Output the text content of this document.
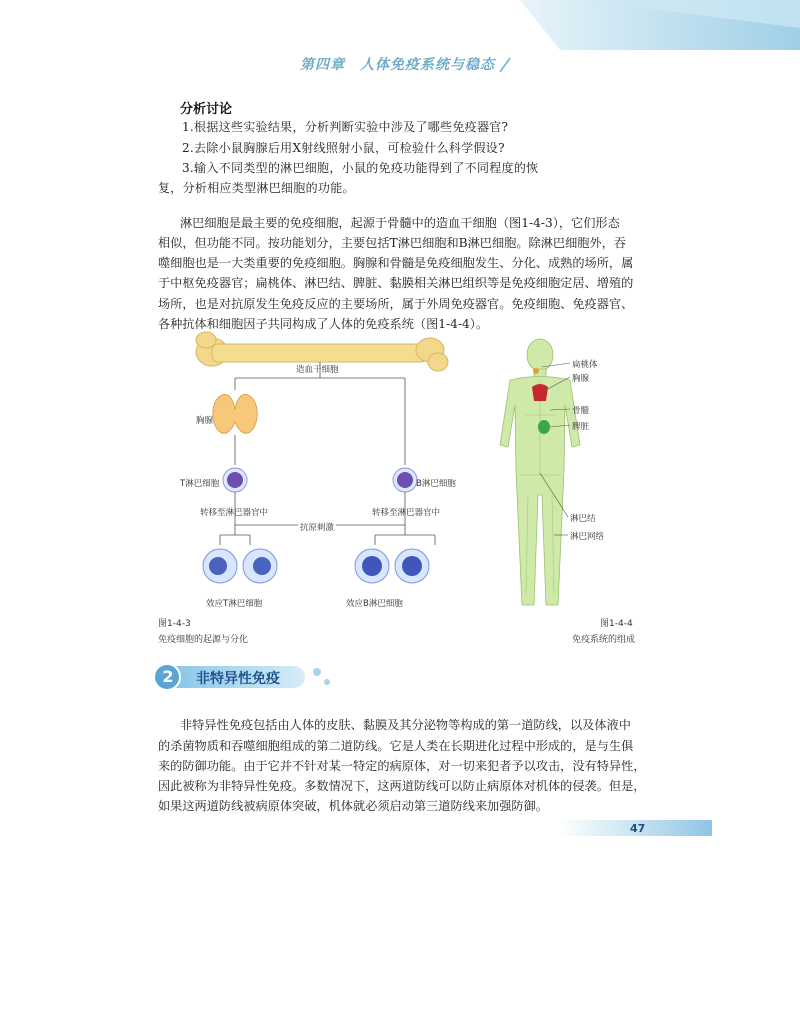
第四章　人体免疫系统与稳态
分析讨论
1.根据这些实验结果，分析判断实验中涉及了哪些免疫器官?
2.去除小鼠胸腺后用X射线照射小鼠，可检验什么科学假设?
3.输入不同类型的淋巴细胞，小鼠的免疫功能得到了不同程度的恢
复，分析相应类型淋巴细胞的功能。
淋巴细胞是最主要的免疫细胞，起源于骨髓中的造血干细胞（图1-4-3），它们形态
相似，但功能不同。按功能划分，主要包括T淋巴细胞和B淋巴细胞。除淋巴细胞外，吞
噬细胞也是一大类重要的免疫细胞。胸腺和骨髓是免疫细胞发生、分化、成熟的场所，属
于中枢免疫器官；扁桃体、淋巴结、脾脏、黏膜相关淋巴组织等是免疫细胞定居、增殖的
场所，也是对抗原发生免疫反应的主要场所，属于外周免疫器官。免疫细胞、免疫器官、
各种抗体和细胞因子共同构成了人体的免疫系统（图1-4-4）。
造血干细胞
胸腺
T淋巴细胞	B淋巴细胞
转移至淋巴器官中	转移至淋巴器官中
抗原刺激
效应T淋巴细胞	效应B淋巴细胞
图1-4-3
免疫细胞的起源与分化
扁桃体
胸腺
骨髓
脾脏
淋巴结
淋巴网络
图1-4-4
免疫系统的组成
2 非特异性免疫
非特异性免疫包括由人体的皮肤、黏膜及其分泌物等构成的第一道防线，以及体液中
的杀菌物质和吞噬细胞组成的第二道防线。它是人类在长期进化过程中形成的，是与生俱
来的防御功能。由于它并不针对某一特定的病原体，对一切来犯者予以攻击，没有特异性，
因此被称为非特异性免疫。多数情况下，这两道防线可以防止病原体对机体的侵袭。但是，
如果这两道防线被病原体突破，机体就必须启动第三道防线来加强防御。
47
